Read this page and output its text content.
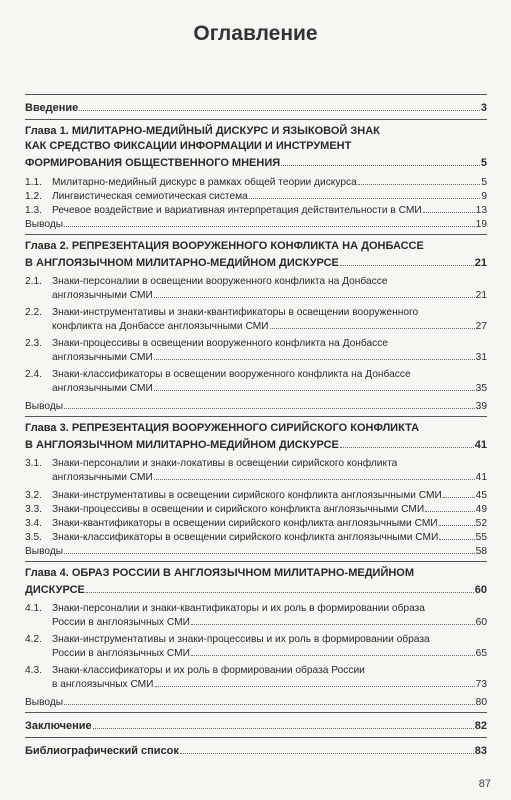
Оглавление
Введение	3
Глава 1. МИЛИТАРНО-МЕДИЙНЫЙ ДИСКУРС И ЯЗЫКОВОЙ ЗНАК
КАК СРЕДСТВО ФИКСАЦИИ ИНФОРМАЦИИ И ИНСТРУМЕНТ
ФОРМИРОВАНИЯ ОБЩЕСТВЕННОГО МНЕНИЯ	5
1.1. Милитарно-медийный дискурс в рамках общей теории дискурса	5
1.2. Лингвистическая семиотическая система	9
1.3. Речевое воздействие и вариативная интерпретация действительности в СМИ	13
Выводы	19
Глава 2. РЕПРЕЗЕНТАЦИЯ ВООРУЖЕННОГО КОНФЛИКТА НА ДОНБАССЕ
В АНГЛОЯЗЫЧНОМ МИЛИТАРНО-МЕДИЙНОМ ДИСКУРСЕ	21
2.1. Знаки-персоналии в освещении вооруженного конфликта на Донбассе
англоязычными СМИ	21
2.2. Знаки-инструментативы и знаки-квантификаторы в освещении вооруженного
конфликта на Донбассе англоязычными СМИ	27
2.3. Знаки-процессивы в освещении вооруженного конфликта на Донбассе
англоязычными СМИ	31
2.4. Знаки-классификаторы в освещении вооруженного конфликта на Донбассе
англоязычными СМИ	35
Выводы	39
Глава 3. РЕПРЕЗЕНТАЦИЯ ВООРУЖЕННОГО СИРИЙСКОГО КОНФЛИКТА
В АНГЛОЯЗЫЧНОМ МИЛИТАРНО-МЕДИЙНОМ ДИСКУРСЕ	41
3.1. Знаки-персоналии и знаки-локативы в освещении сирийского конфликта
англоязычными СМИ	41
3.2. Знаки-инструментативы в освещении сирийского конфликта англоязычными СМИ	45
3.3. Знаки-процессивы в освещении и сирийского конфликта англоязычными СМИ	49
3.4. Знаки-квантификаторы в освещении сирийского конфликта англоязычными СМИ	52
3.5. Знаки-классификаторы в освещении сирийского конфликта англоязычными СМИ	55
Выводы	58
Глава 4. ОБРАЗ РОССИИ В АНГЛОЯЗЫЧНОМ МИЛИТАРНО-МЕДИЙНОМ
ДИСКУРСЕ	60
4.1. Знаки-персоналии и знаки-квантификаторы и их роль в формировании образа
России в англоязычных СМИ	60
4.2. Знаки-инструментативы и знаки-процессивы и их роль в формировании образа
России в англоязычных СМИ	65
4.3. Знаки-классификаторы и их роль в формировании образа России
в англоязычных СМИ	73
Выводы	80
Заключение	82
Библиографический список	83
87
